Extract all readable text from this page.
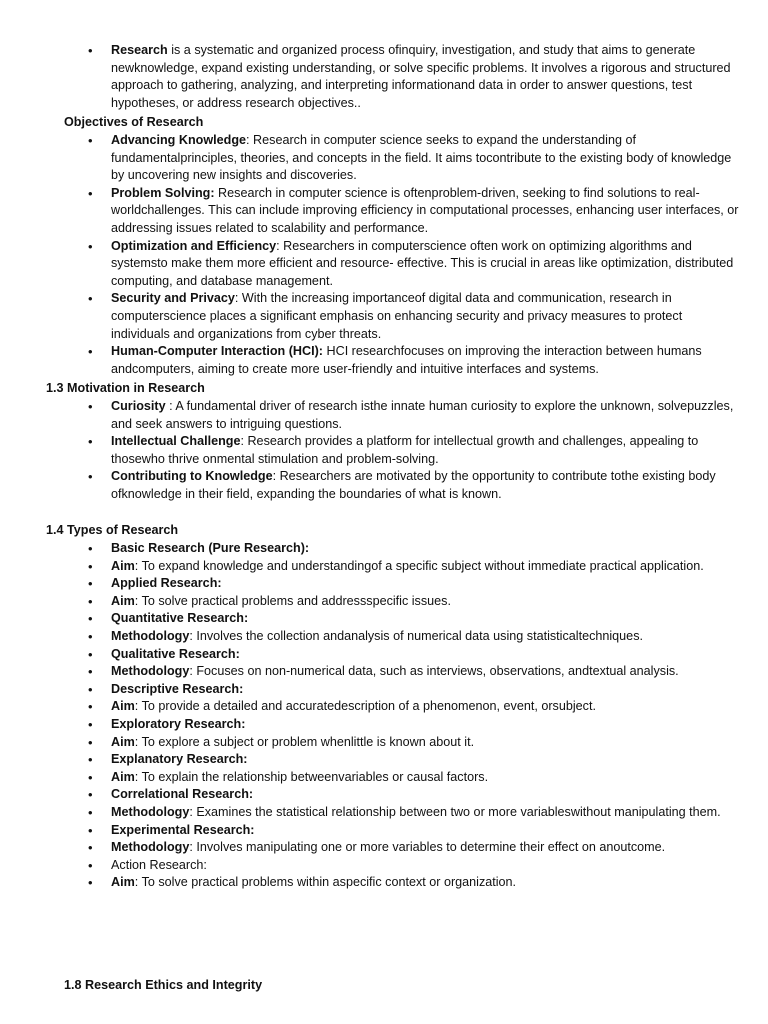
• Research is a systematic and organized process ofinquiry, investigation, and study that aims to generate newknowledge, expand existing understanding, or solve specific problems. It involves a rigorous and structured approach to gathering, analyzing, and interpreting informationand data in order to answer questions, test hypotheses, or address research objectives..
Objectives of Research
• Advancing Knowledge: Research in computer science seeks to expand the understanding of fundamentalprinciples, theories, and concepts in the field. It aims tocontribute to the existing body of knowledge by uncovering new insights and discoveries.
• Problem Solving: Research in computer science is oftenproblem-driven, seeking to find solutions to real-worldchallenges. This can include improving efficiency in computational processes, enhancing user interfaces, or addressing issues related to scalability and performance.
• Optimization and Efficiency: Researchers in computerscience often work on optimizing algorithms and systemsto make them more efficient and resource- effective. This is crucial in areas like optimization, distributed computing, and database management.
• Security and Privacy: With the increasing importanceof digital data and communication, research in computerscience places a significant emphasis on enhancing security and privacy measures to protect individuals and organizations from cyber threats.
• Human-Computer Interaction (HCI): HCI researchfocuses on improving the interaction between humans andcomputers, aiming to create more user-friendly and intuitive interfaces and systems.
1.3 Motivation in Research
• Curiosity : A fundamental driver of research isthe innate human curiosity to explore the unknown, solvepuzzles, and seek answers to intriguing questions.
• Intellectual Challenge: Research provides a platform for intellectual growth and challenges, appealing to thosewho thrive onmental stimulation and problem-solving.
• Contributing to Knowledge: Researchers are motivated by the opportunity to contribute tothe existing body ofknowledge in their field, expanding the boundaries of what is known.
1.4 Types of Research
• Basic Research (Pure Research):
• Aim: To expand knowledge and understandingof a specific subject without immediate practical application.
• Applied Research:
• Aim: To solve practical problems and addressspecific issues.
• Quantitative Research:
• Methodology: Involves the collection andanalysis of numerical data using statisticaltechniques.
• Qualitative Research:
• Methodology: Focuses on non-numerical data, such as interviews, observations, andtextual analysis.
• Descriptive Research:
• Aim: To provide a detailed and accuratedescription of a phenomenon, event, orsubject.
• Exploratory Research:
• Aim: To explore a subject or problem whenlittle is known about it.
• Explanatory Research:
• Aim: To explain the relationship betweenvariables or causal factors.
• Correlational Research:
• Methodology: Examines the statistical relationship between two or more variableswithout manipulating them.
• Experimental Research:
• Methodology: Involves manipulating one or more variables to determine their effect on anoutcome.
• Action Research:
• Aim: To solve practical problems within aspecific context or organization.
1.8 Research Ethics and Integrity
